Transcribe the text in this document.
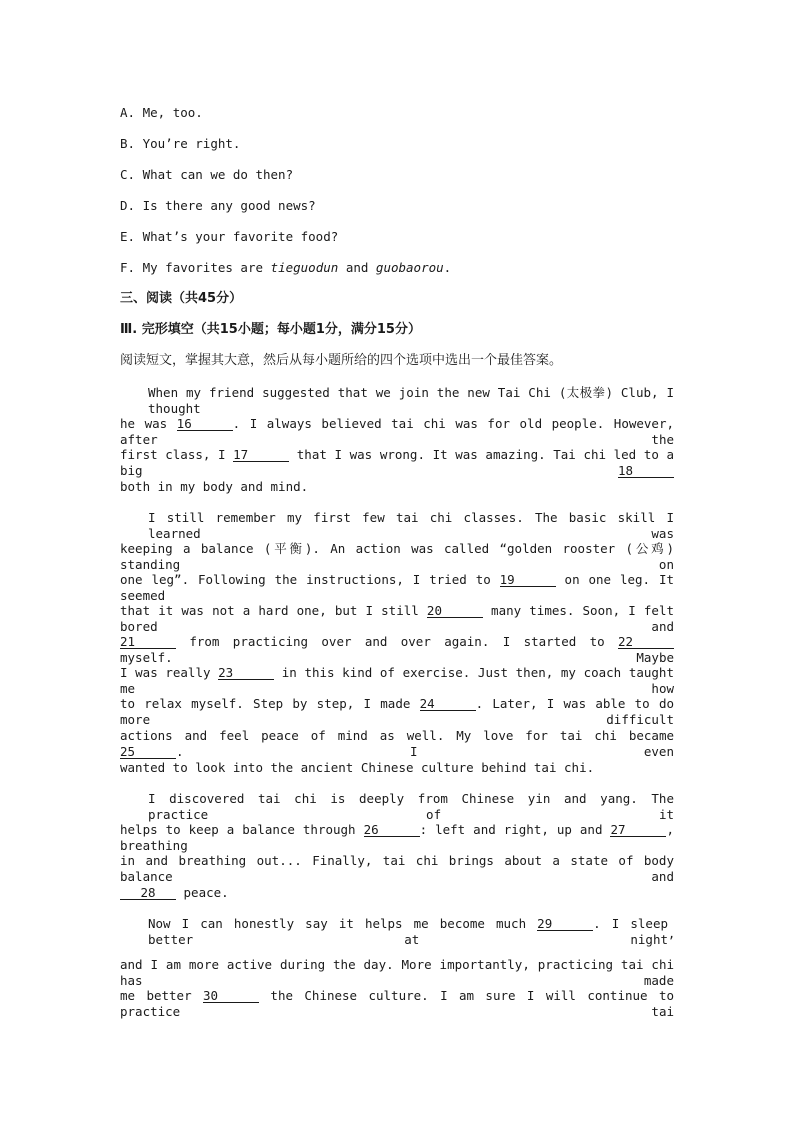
A. Me, too.
B. You’re right.
C. What can we do then?
D. Is there any good news?
E. What’s your favorite food?
F. My favorites are tieguodun and guobaorou.
三、阅读（共45分）
Ⅲ. 完形填空（共15小题；每小题1分，满分15分）
阅读短文，掌握其大意，然后从每小题所给的四个选项中选出一个最佳答案。
When my friend suggested that we join the new Tai Chi (太极拳) Club, I thought
he was 16	. I always believed tai chi was for old people. However, after the
first class, I 17	that I was wrong. It was amazing. Tai chi led to a big	18
both in my body and mind.
I still remember my first few tai chi classes. The basic skill I learned was
keeping a balance (平衡). An action was called “golden rooster (公鸡) standing on
one leg”. Following the instructions, I tried to 19	on one leg. It seemed
that it was not a hard one, but I still 20	many times. Soon, I felt bored and
21	from practicing over and over again. I started to 22 myself. Maybe
I was really 23	in this kind of exercise. Just then, my coach taught me how
to relax myself. Step by step, I made 24	. Later, I was able to do more difficult
actions and feel peace of mind as well. My love for tai chi became 25	. I even
wanted to look into the ancient Chinese culture behind tai chi.
I discovered tai chi is deeply from Chinese yin and yang. The practice of it
helps to keep a balance through 26	: left and right, up and 27	, breathing
in and breathing out... Finally, tai chi brings about a state of body balance and
28 peace.
Now I can honestly say it helps me become much 29	. I sleep better at night ,
and I am more active during the day. More importantly, practicing tai chi has made
me better 30	the Chinese culture. I am sure I will continue to practice tai
